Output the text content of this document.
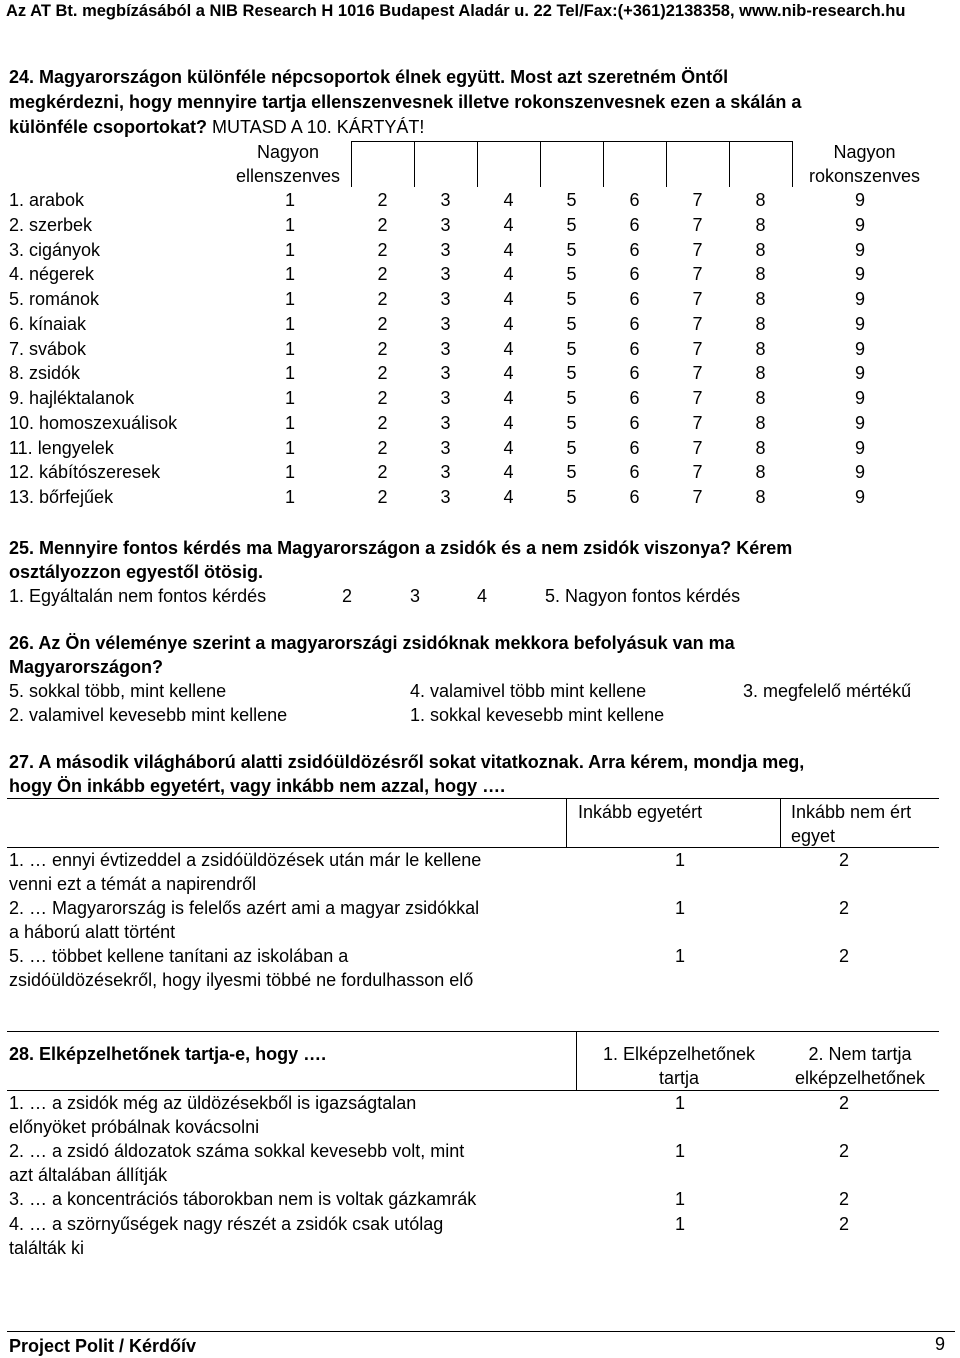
Az AT Bt. megbízásából a NIB Research H 1016 Budapest Aladár u. 22 Tel/Fax:(+361)2138358, www.nib-research.hu
24. Magyarországon különféle népcsoportok élnek együtt. Most azt szeretném Öntől
megkérdezni, hogy mennyire tartja ellenszenvesnek illetve rokonszenvesnek ezen a skálán a
különféle csoportokat? MUTASD A 10. KÁRTYÁT!
Nagyon
ellenszenves
Nagyon
rokonszenves
1. arabok	1	2	3	4	5	6	7	8	9
2. szerbek	1	2	3	4	5	6	7	8	9
3. cigányok	1	2	3	4	5	6	7	8	9
4. négerek	1	2	3	4	5	6	7	8	9
5. románok	1	2	3	4	5	6	7	8	9
6. kínaiak	1	2	3	4	5	6	7	8	9
7. svábok	1	2	3	4	5	6	7	8	9
8. zsidók	1	2	3	4	5	6	7	8	9
9. hajléktalanok	1	2	3	4	5	6	7	8	9
10. homoszexuálisok	1	2	3	4	5	6	7	8	9
11. lengyelek	1	2	3	4	5	6	7	8	9
12. kábítószeresek	1	2	3	4	5	6	7	8	9
13. bőrfejűek	1	2	3	4	5	6	7	8	9
25. Mennyire fontos kérdés ma Magyarországon a zsidók és a nem zsidók viszonya? Kérem
osztályozzon egyestől ötösig.
1. Egyáltalán nem fontos kérdés	2	3	4	5. Nagyon fontos kérdés
26. Az Ön véleménye szerint a magyarországi zsidóknak mekkora befolyásuk van ma
Magyarországon?
5. sokkal több, mint kellene	4. valamivel több mint kellene	3. megfelelő mértékű
2. valamivel kevesebb mint kellene	1. sokkal kevesebb mint kellene
27. A második világháború alatti zsidóüldözésről sokat vitatkoznak. Arra kérem, mondja meg,
hogy Ön inkább egyetért, vagy inkább nem azzal, hogy ….
Inkább egyetért	Inkább nem ért
egyet
1. … ennyi évtizeddel a zsidóüldözések után már le kellene
venni ezt a témát a napirendről
1	2
2. … Magyarország is felelős azért ami a magyar zsidókkal
a háború alatt történt
1	2
5. … többet kellene tanítani az iskolában a
zsidóüldözésekről, hogy ilyesmi többé ne fordulhasson elő
1	2
28. Elképzelhetőnek tartja-e, hogy ….	1. Elképzelhetőnek
tartja
2. Nem tartja
elképzelhetőnek
1. … a zsidók még az üldözésekből is igazságtalan
előnyöket próbálnak kovácsolni
1	2
2. … a zsidó áldozatok száma sokkal kevesebb volt, mint
azt általában állítják
1	2
3. … a koncentrációs táborokban nem is voltak gázkamrák	1	2
4. … a szörnyűségek nagy részét a zsidók csak utólag
találták ki
1	2
Project Polit / Kérdőív	9
